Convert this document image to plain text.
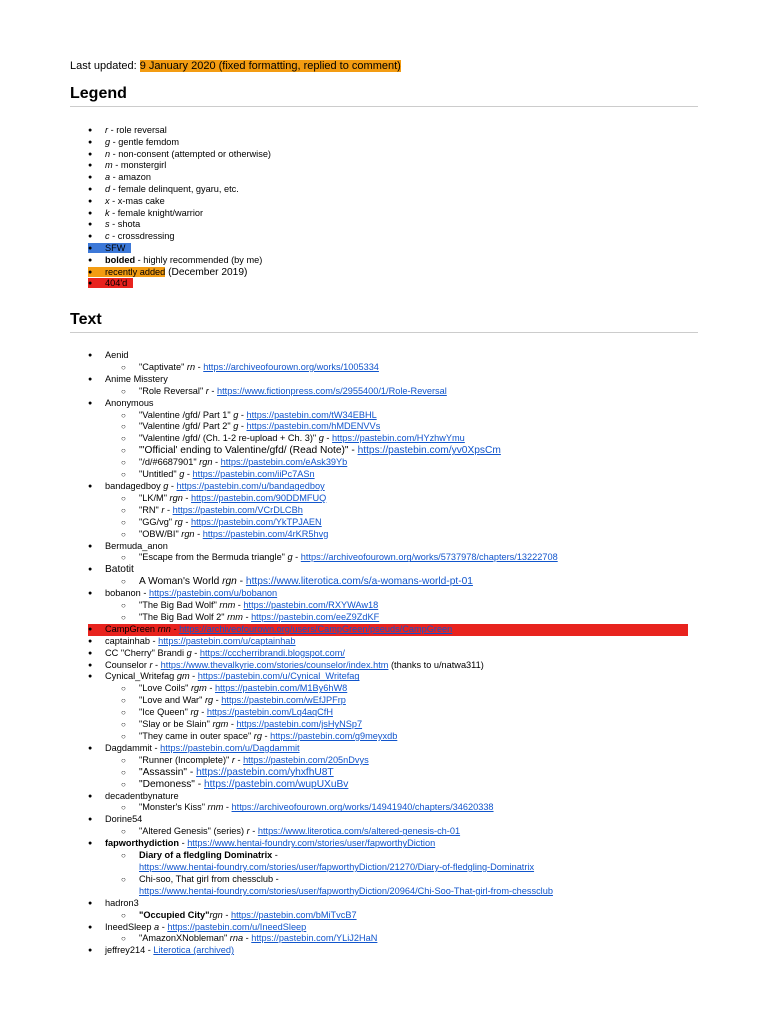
Last updated: 9 January 2020 (fixed formatting, replied to comment)
Legend
● r - role reversal
● g - gentle femdom
● n - non-consent (attempted or otherwise)
● m - monstergirl
● a - amazon
● d - female delinquent, gyaru, etc.
● x - x-mas cake
● k - female knight/warrior
● s - shota
● c - crossdressing
● SFW
● bolded - highly recommended (by me)
● recently added (December 2019)
● 404'd
Text
● Aenid
○ "Captivate" rn - https://archiveofourown.org/works/1005334
● Anime Misstery
○ "Role Reversal" r - https://www.fictionpress.com/s/2955400/1/Role-Reversal
● Anonymous
○ "Valentine /gfd/ Part 1" g - https://pastebin.com/tW34EBHL
○ "Valentine /gfd/ Part 2" g - https://pastebin.com/hMDENVVs
○ "Valentine /gfd/ (Ch. 1-2 re-upload + Ch. 3)" g - https://pastebin.com/HYzhwYmu
○ "'Official' ending to Valentine/gfd/ (Read Note)" - https://pastebin.com/yv0XpsCm
○ "/d/#6687901" rgn - https://pastebin.com/eAsk39Yb
○ "Untitled" g - https://pastebin.com/iiPc7ASn
● bandagedboy g - https://pastebin.com/u/bandagedboy
○ "LK/M" rgn - https://pastebin.com/90DDMFUQ
○ "RN" r - https://pastebin.com/VCrDLCBh
○ "GG/vg" rg - https://pastebin.com/YkTPJAEN
○ "OBW/BI" rgn - https://pastebin.com/4rKR5hvg
● Bermuda_anon
○ "Escape from the Bermuda triangle" g - https://archiveofourown.org/works/5737978/chapters/13222708
● Batotit
○ A Woman's World rgn - https://www.literotica.com/s/a-womans-world-pt-01
● bobanon - https://pastebin.com/u/bobanon
○ "The Big Bad Wolf" rnm - https://pastebin.com/RXYWAw18
○ "The Big Bad Wolf 2" rnm - https://pastebin.com/eeZ9ZdKF
● CampGreen rnn - https://archiveofourown.org/users/CampGreen/pseuds/CampGreen
● captainhab - https://pastebin.com/u/captainhab
● CC "Cherry" Brandi g - https://cccherribrandi.blogspot.com/
● Counselor r - https://www.thevalkyrie.com/stories/counselor/index.htm (thanks to u/natwa311)
● Cynical_Writefag gm - https://pastebin.com/u/Cynical_Writefag
○ "Love Coils" rgm - https://pastebin.com/M1By6hW8
○ "Love and War" rg - https://pastebin.com/wEfJPFrp
○ "Ice Queen" rg - https://pastebin.com/Lq4aqCfH
○ "Slay or be Slain" rgm - https://pastebin.com/jsHyNSp7
○ "They came in outer space" rg - https://pastebin.com/g9meyxdb
● Dagdammit - https://pastebin.com/u/Dagdammit
○ "Runner (Incomplete)" r - https://pastebin.com/205nDvys
○ "Assassin" - https://pastebin.com/yhxfhU8T
○ "Demoness" - https://pastebin.com/wupUXuBv
● decadentbynature
○ "Monster's Kiss" rnm - https://archiveofourown.org/works/14941940/chapters/34620338
● Dorine54
○ "Altered Genesis" (series) r - https://www.literotica.com/s/altered-genesis-ch-01
● fapworthydiction - https://www.hentai-foundry.com/stories/user/fapworthyDiction
○ Diary of a fledgling Dominatrix -
https://www.hentai-foundry.com/stories/user/fapworthyDiction/21270/Diary-of-fledgling-Dominatrix
○ Chi-soo, That girl from chessclub -
https://www.hentai-foundry.com/stories/user/fapworthyDiction/20964/Chi-Soo-That-girl-from-chessclub
● hadron3
○ "Occupied City"rgn - https://pastebin.com/bMiTvcB7
● IneedSleep a - https://pastebin.com/u/IneedSleep
○ "AmazonXNobleman" rna - https://pastebin.com/YLiJ2HaN
● jeffrey214 - Literotica (archived)
